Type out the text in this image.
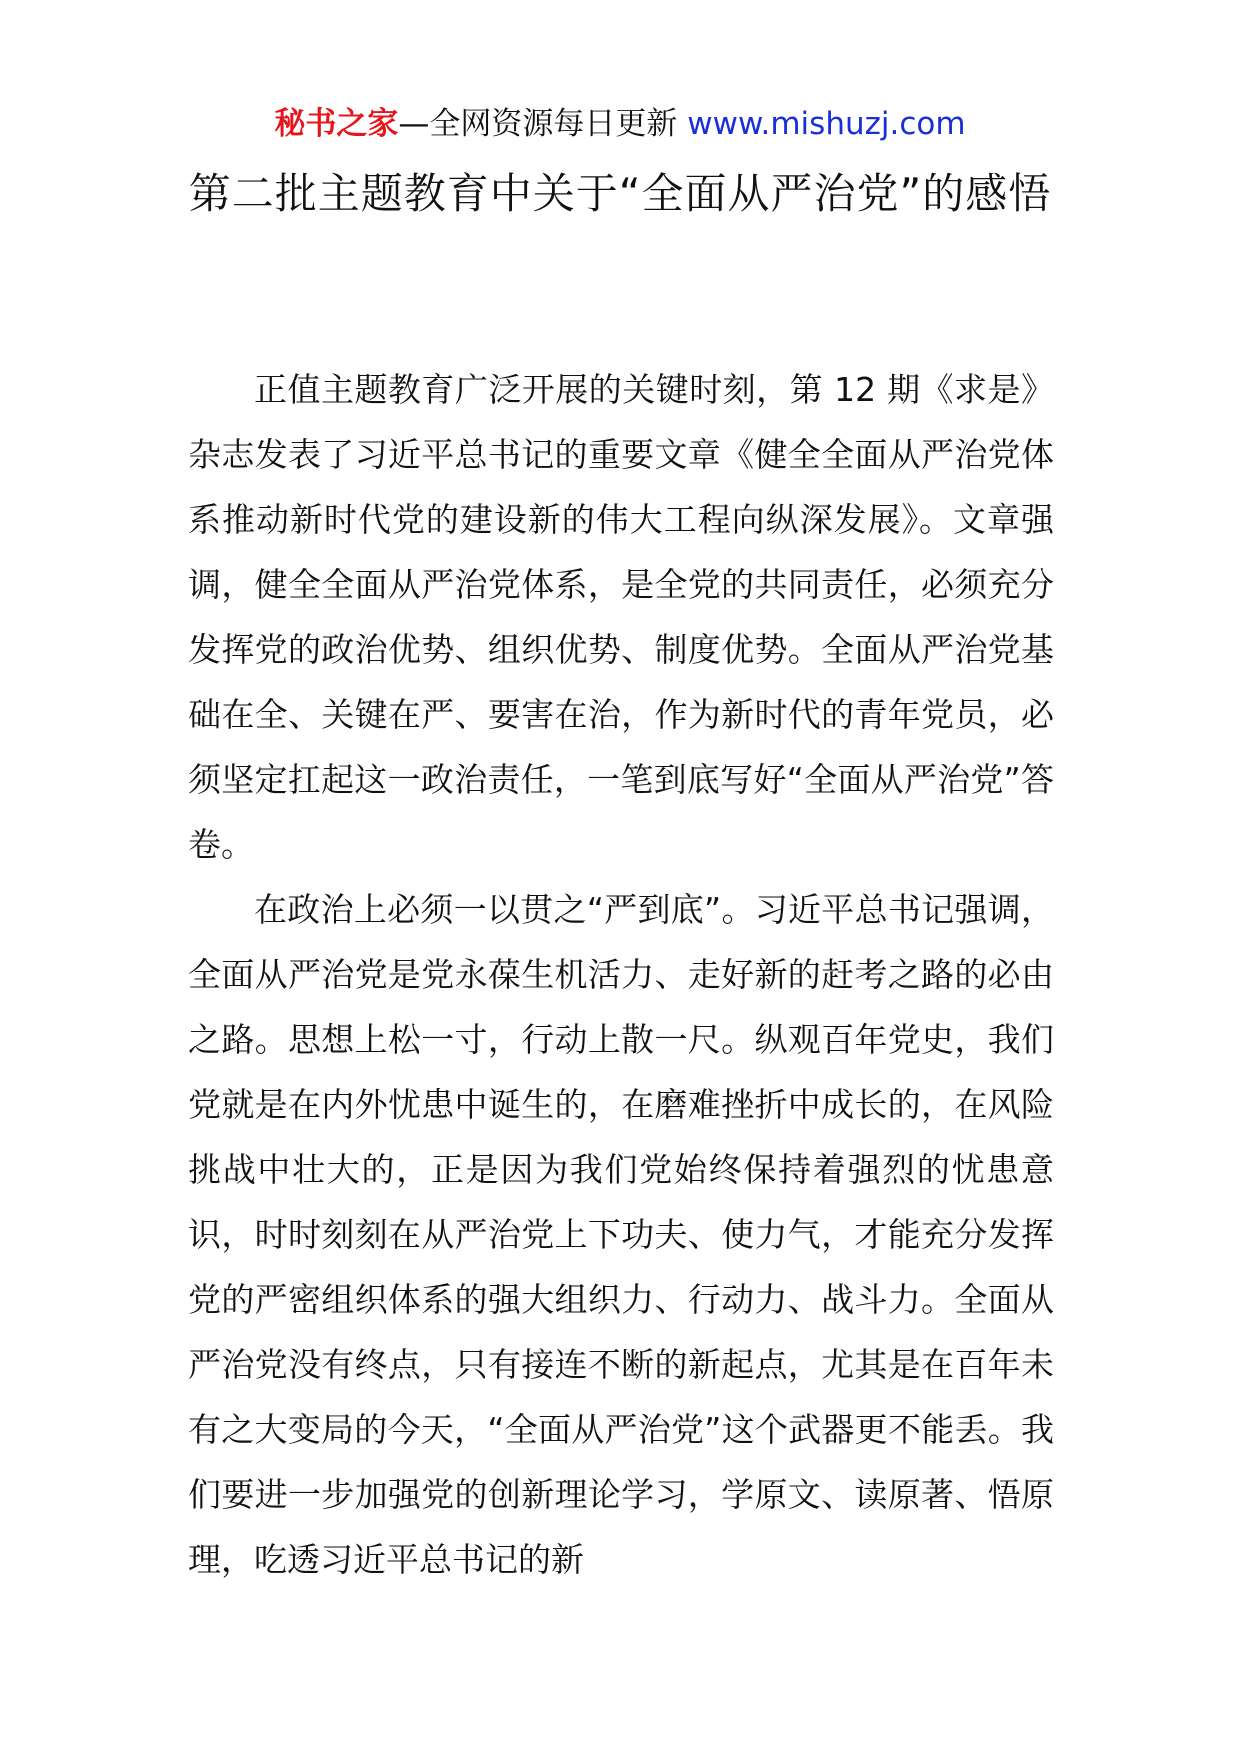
秘书之家—全网资源每日更新 www.mishuzj.com
第二批主题教育中关于“全面从严治党”的感悟

正值主题教育广泛开展的关键时刻，第 12 期《求是》杂志发表了习近平总书记的重要文章《健全全面从严治党体系推动新时代党的建设新的伟大工程向纵深发展》。文章强调，健全全面从严治党体系，是全党的共同责任，必须充分发挥党的政治优势、组织优势、制度优势。全面从严治党基础在全、关键在严、要害在治，作为新时代的青年党员，必须坚定扛起这一政治责任，一笔到底写好“全面从严治党”答卷。

在政治上必须一以贯之“严到底”。习近平总书记强调，全面从严治党是党永葆生机活力、走好新的赶考之路的必由之路。思想上松一寸，行动上散一尺。纵观百年党史，我们党就是在内外忧患中诞生的，在磨难挫折中成长的，在风险挑战中壮大的，正是因为我们党始终保持着强烈的忧患意识，时时刻刻在从严治党上下功夫、使力气，才能充分发挥党的严密组织体系的强大组织力、行动力、战斗力。全面从严治党没有终点，只有接连不断的新起点，尤其是在百年未有之大变局的今天，“全面从严治党”这个武器更不能丢。我们要进一步加强党的创新理论学习，学原文、读原著、悟原理，吃透习近平总书记的新
